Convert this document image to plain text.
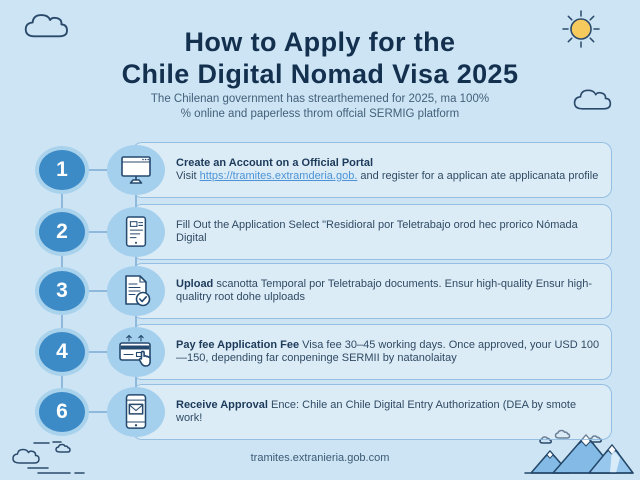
How to Apply for the
Chile Digital Nomad Visa 2025
The Chilenan government has strearthemened for 2025, ma 100%
% online and paperless throm offcial SERMIG platform
1
2
3
4
6
Create an Account on a Official Portal
Visit https://tramites.extramderia.gob. and register for a applican ate applicanata profile
Fill Out the Application Select "Residioral por Teletrabajo orod hec prorico Nómada Digital
Upload scanotta Temporal por Teletrabajo documents. Ensur high-quality Ensur high-qualitry root dohe ulploads
Pay fee Application Fee Visa fee 30–45 working days. Once approved, your USD 100—150, depending far conpeninge SERMII by natanolaitay
Receive Approval Ence: Chile an Chile Digital Entry Authorization (DEA by smote work!
tramites.extranieria.gob.com
